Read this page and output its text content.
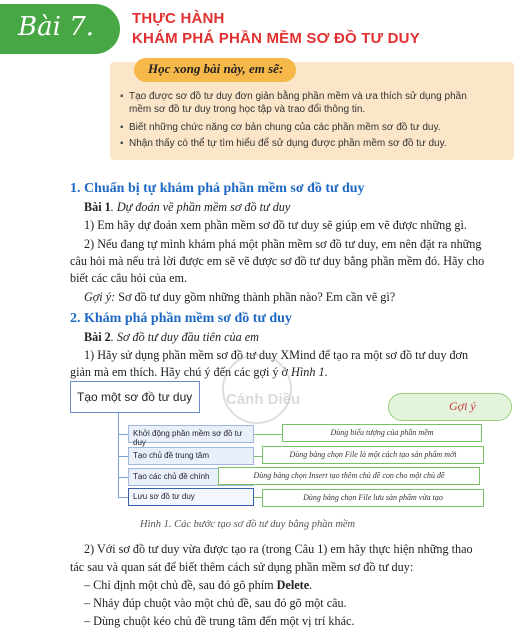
Bài 7.	THỰC HÀNH
KHÁM PHÁ PHẦN MỀM SƠ ĐỒ TƯ DUY
Học xong bài này, em sẽ:
▪ Tạo được sơ đồ tư duy đơn giản bằng phần mềm và ưa thích sử dụng phần
mềm sơ đồ tư duy trong học tập và trao đổi thông tin.
▪ Biết những chức năng cơ bản chung của các phần mềm sơ đồ tư duy.
▪ Nhận thấy có thể tự tìm hiểu để sử dụng được phần mềm sơ đồ tư duy.
1. Chuẩn bị tự khám phá phần mềm sơ đồ tư duy
Bài 1. Dự đoán về phần mềm sơ đồ tư duy
1) Em hãy dự đoán xem phần mềm sơ đồ tư duy sẽ giúp em vẽ được những gì.
2) Nếu đang tự mình khám phá một phần mềm sơ đồ tư duy, em nên đặt ra những
câu hỏi mà nếu trả lời được em sẽ vẽ được sơ đồ tư duy bằng phần mềm đó. Hãy cho
biết các câu hỏi của em.
Gợi ý: Sơ đồ tư duy gồm những thành phần nào? Em cần vẽ gì?
2. Khám phá phần mềm sơ đồ tư duy
Bài 2. Sơ đồ tư duy đầu tiên của em
1) Hãy sử dụng phần mềm sơ đồ tư duy XMind để tạo ra một sơ đồ tư duy đơn
giản mà em thích. Hãy chú ý đến các gợi ý ở Hình 1.
Cánh Diều
Tạo một sơ đồ tư duy
Khởi động phần mềm sơ đồ tư duy
Tạo chủ đề trung tâm
Tạo các chủ đề chính
Lưu sơ đồ tư duy
Gợi ý
Dùng biểu tượng của phần mềm
Dùng bảng chọn File là một cách tạo sản phẩm mới
Dùng bảng chọn Insert tạo thêm chủ đề con cho một chủ đề
Dùng bảng chọn File lưu sản phẩm vừa tạo
Hình 1. Các bước tạo sơ đồ tư duy bằng phần mềm
2) Với sơ đồ tư duy vừa được tạo ra (trong Câu 1) em hãy thực hiện những thao
tác sau và quan sát để biết thêm cách sử dụng phần mềm sơ đồ tư duy:
– Chỉ định một chủ đề, sau đó gõ phím Delete.
– Nháy đúp chuột vào một chủ đề, sau đó gõ một câu.
– Dùng chuột kéo chủ đề trung tâm đến một vị trí khác.
